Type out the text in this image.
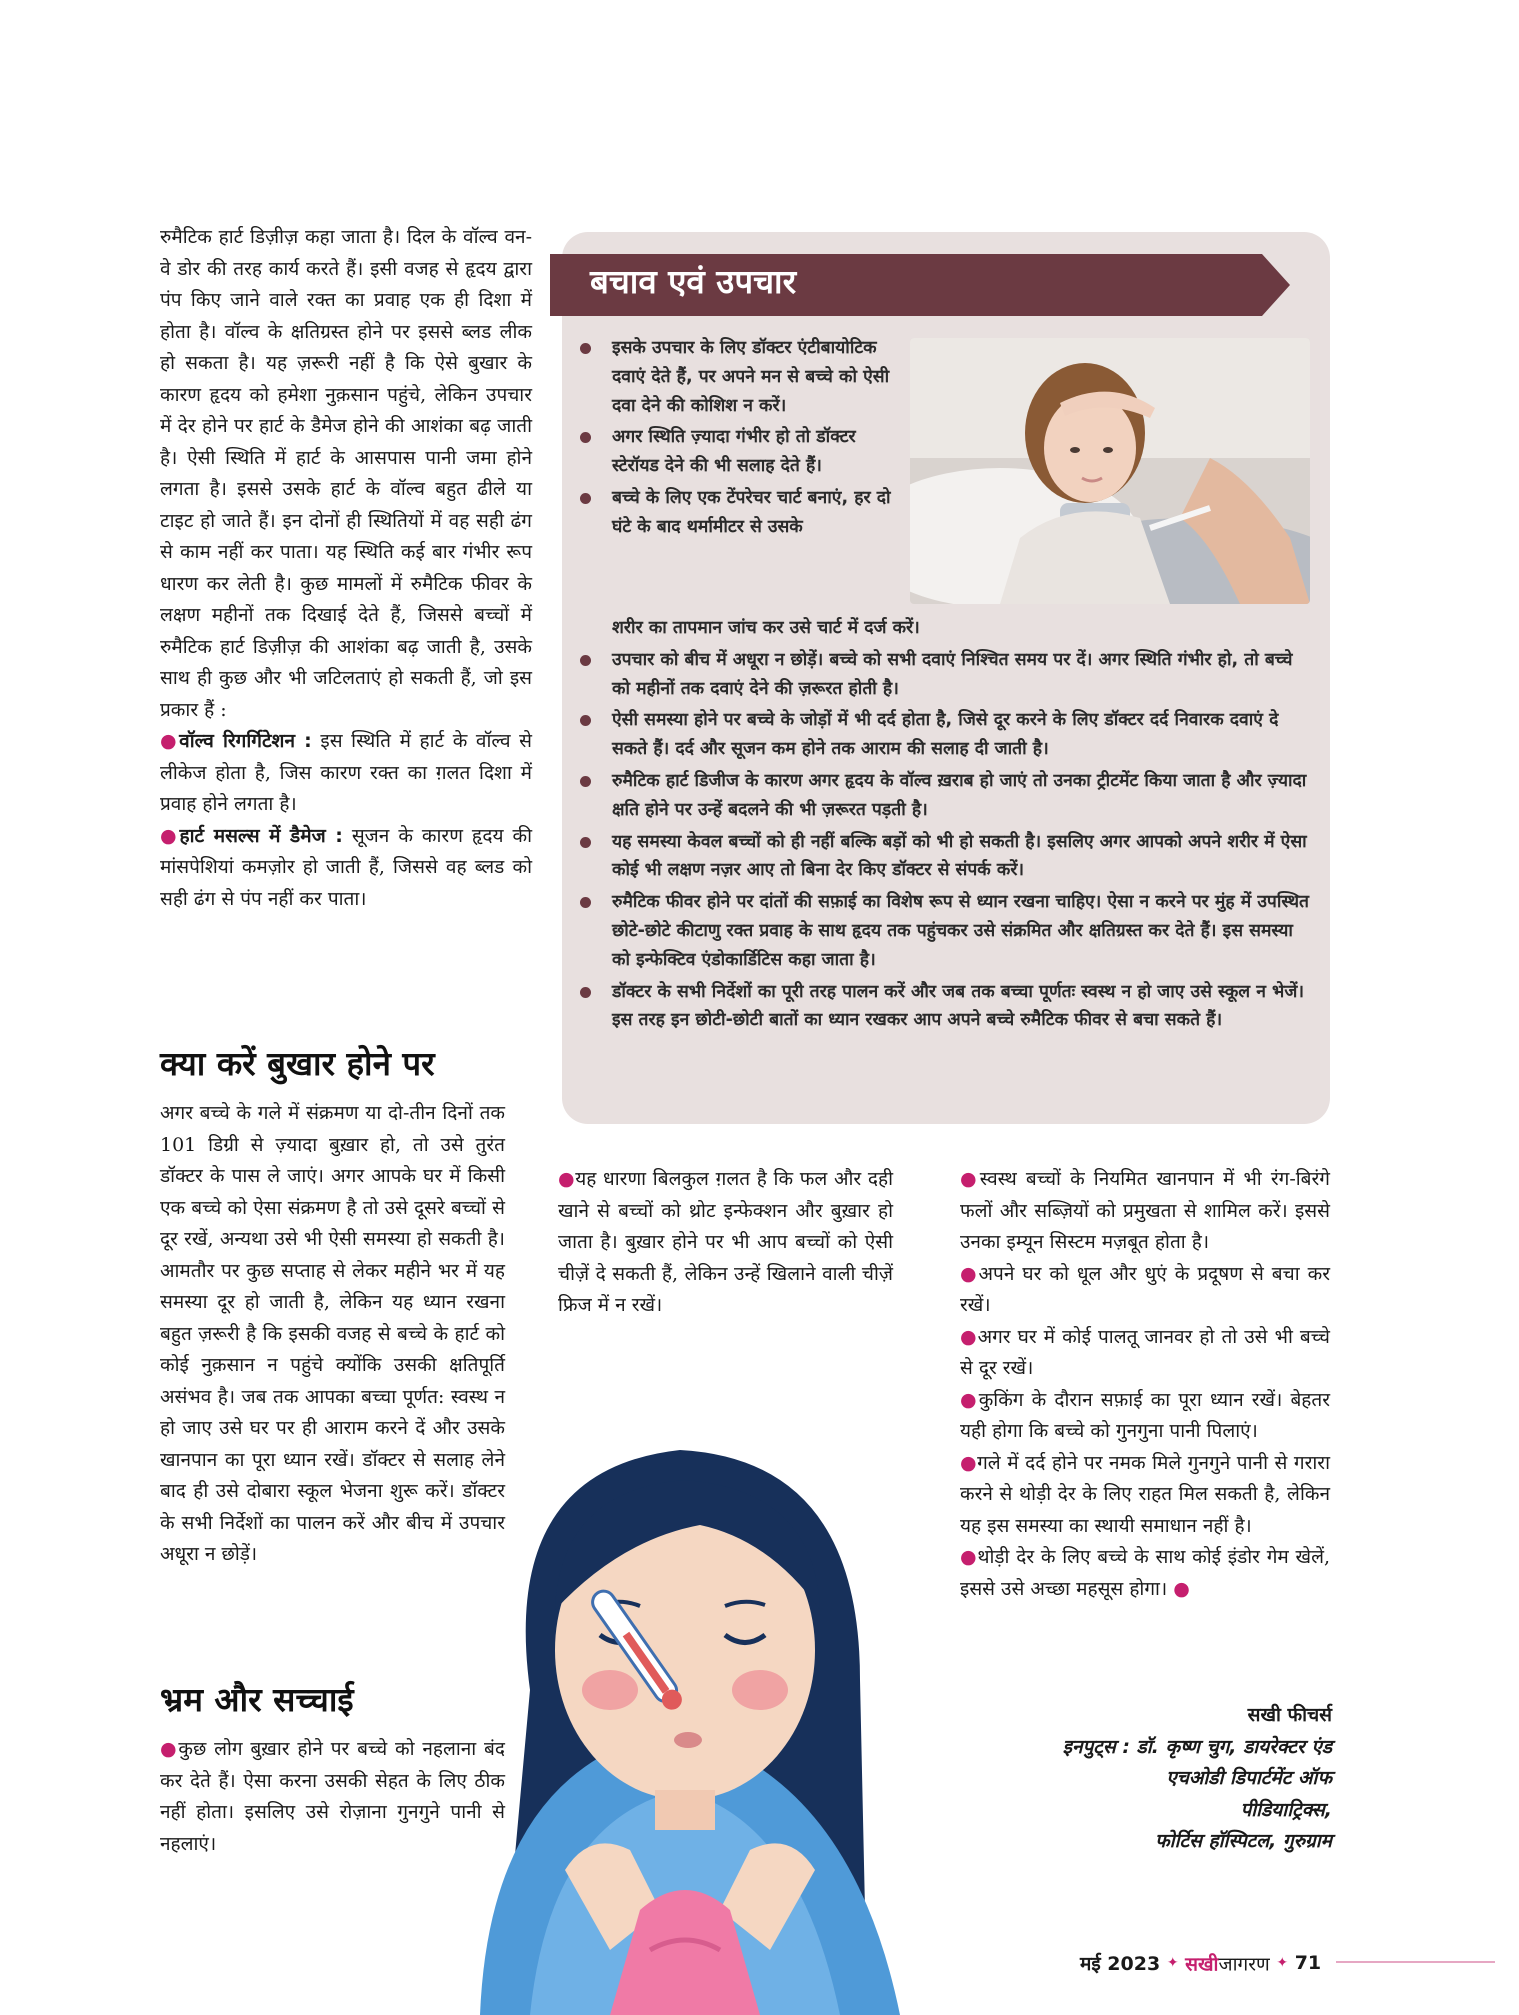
रुमैटिक हार्ट डिज़ीज़ कहा जाता है। दिल के वॉल्व वन-वे डोर की तरह कार्य करते हैं। इसी वजह से हृदय द्वारा पंप किए जाने वाले रक्त का प्रवाह एक ही दिशा में होता है। वॉल्व के क्षतिग्रस्त होने पर इससे ब्लड लीक हो सकता है। यह ज़रूरी नहीं है कि ऐसे बुखार के कारण हृदय को हमेशा नुक़सान पहुंचे, लेकिन उपचार में देर होने पर हार्ट के डैमेज होने की आशंका बढ़ जाती है। ऐसी स्थिति में हार्ट के आसपास पानी जमा होने लगता है। इससे उसके हार्ट के वॉल्व बहुत ढीले या टाइट हो जाते हैं। इन दोनों ही स्थितियों में वह सही ढंग से काम नहीं कर पाता। यह स्थिति कई बार गंभीर रूप धारण कर लेती है। कुछ मामलों में रुमैटिक फीवर के लक्षण महीनों तक दिखाई देते हैं, जिससे बच्चों में रुमैटिक हार्ट डिज़ीज़ की आशंका बढ़ जाती है, उसके साथ ही कुछ और भी जटिलताएं हो सकती हैं, जो इस प्रकार हैं :

●वॉल्व रिगर्गिटेशन : इस स्थिति में हार्ट के वॉल्व से लीकेज होता है, जिस कारण रक्त का ग़लत दिशा में प्रवाह होने लगता है।

●हार्ट मसल्स में डैमेज : सूजन के कारण हृदय की मांसपेशियां कमज़ोर हो जाती हैं, जिससे वह ब्लड को सही ढंग से पंप नहीं कर पाता।

क्या करें बुखार होने पर

अगर बच्चे के गले में संक्रमण या दो-तीन दिनों तक 101 डिग्री से ज़्यादा बुख़ार हो, तो उसे तुरंत डॉक्टर के पास ले जाएं। अगर आपके घर में किसी एक बच्चे को ऐसा संक्रमण है तो उसे दूसरे बच्चों से दूर रखें, अन्यथा उसे भी ऐसी समस्या हो सकती है। आमतौर पर कुछ सप्ताह से लेकर महीने भर में यह समस्या दूर हो जाती है, लेकिन यह ध्यान रखना बहुत ज़रूरी है कि इसकी वजह से बच्चे के हार्ट को कोई नुक़सान न पहुंचे क्योंकि उसकी क्षतिपूर्ति असंभव है। जब तक आपका बच्चा पूर्णत: स्वस्थ न हो जाए उसे घर पर ही आराम करने दें और उसके खानपान का पूरा ध्यान रखें। डॉक्टर से सलाह लेने बाद ही उसे दोबारा स्कूल भेजना शुरू करें। डॉक्टर के सभी निर्देशों का पालन करें और बीच में उपचार अधूरा न छोड़ें।

भ्रम और सच्चाई

●कुछ लोग बुख़ार होने पर बच्चे को नहलाना बंद कर देते हैं। ऐसा करना उसकी सेहत के लिए ठीक नहीं होता। इसलिए उसे रोज़ाना गुनगुने पानी से नहलाएं।

●यह धारणा बिलकुल ग़लत है कि फल और दही खाने से बच्चों को थ्रोट इन्फेक्शन और बुख़ार हो जाता है। बुख़ार होने पर भी आप बच्चों को ऐसी चीज़ें दे सकती हैं, लेकिन उन्हें खिलाने वाली चीज़ें फ्रिज में न रखें।

●स्वस्थ बच्चों के नियमित खानपान में भी रंग-बिरंगे फलों और सब्ज़ियों को प्रमुखता से शामिल करें। इससे उनका इम्यून सिस्टम मज़बूत होता है।

●अपने घर को धूल और धुएं के प्रदूषण से बचा कर रखें।

●अगर घर में कोई पालतू जानवर हो तो उसे भी बच्चे से दूर रखें।

●कुकिंग के दौरान सफ़ाई का पूरा ध्यान रखें। बेहतर यही होगा कि बच्चे को गुनगुना पानी पिलाएं।

●गले में दर्द होने पर नमक मिले गुनगुने पानी से गरारा करने से थोड़ी देर के लिए राहत मिल सकती है, लेकिन यह इस समस्या का स्थायी समाधान नहीं है।

●थोड़ी देर के लिए बच्चे के साथ कोई इंडोर गेम खेलें, इससे उसे अच्छा महसूस होगा। ●

सखी फीचर्स
इनपुट्स : डॉ. कृष्ण चुग, डायरेक्टर एंड
एचओडी डिपार्टमेंट ऑफ
पीडियाट्रिक्स,
फोर्टिस हॉस्पिटल, गुरुग्राम
बचाव एवं उपचार
इसके उपचार के लिए डॉक्टर एंटीबायोटिक दवाएं देते हैं, पर अपने मन से बच्चे को ऐसी दवा देने की कोशिश न करें।
अगर स्थिति ज़्यादा गंभीर हो तो डॉक्टर स्टेरॉयड देने की भी सलाह देते हैं।
बच्चे के लिए एक टेंपरेचर चार्ट बनाएं, हर दो घंटे के बाद थर्मामीटर से उसके
शरीर का तापमान जांच कर उसे चार्ट में दर्ज करें।
उपचार को बीच में अधूरा न छोड़ें। बच्चे को सभी दवाएं निश्चित समय पर दें। अगर स्थिति गंभीर हो, तो बच्चे को महीनों तक दवाएं देने की ज़रूरत होती है।
ऐसी समस्या होने पर बच्चे के जोड़ों में भी दर्द होता है, जिसे दूर करने के लिए डॉक्टर दर्द निवारक दवाएं दे सकते हैं। दर्द और सूजन कम होने तक आराम की सलाह दी जाती है।
रुमैटिक हार्ट डिजीज के कारण अगर हृदय के वॉल्व ख़राब हो जाएं तो उनका ट्रीटमेंट किया जाता है और ज़्यादा क्षति होने पर उन्हें बदलने की भी ज़रूरत पड़ती है।
यह समस्या केवल बच्चों को ही नहीं बल्कि बड़ों को भी हो सकती है। इसलिए अगर आपको अपने शरीर में ऐसा कोई भी लक्षण नज़र आए तो बिना देर किए डॉक्टर से संपर्क करें।
रुमैटिक फीवर होने पर दांतों की सफ़ाई का विशेष रूप से ध्यान रखना चाहिए। ऐसा न करने पर मुंह में उपस्थित छोटे-छोटे कीटाणु रक्त प्रवाह के साथ हृदय तक पहुंचकर उसे संक्रमित और क्षतिग्रस्त कर देते हैं। इस समस्या को इन्फेक्टिव एंडोकार्डिटिस कहा जाता है।
डॉक्टर के सभी निर्देशों का पूरी तरह पालन करें और जब तक बच्चा पूर्णतः स्वस्थ न हो जाए उसे स्कूल न भेजें। इस तरह इन छोटी-छोटी बातों का ध्यान रखकर आप अपने बच्चे रुमैटिक फीवर से बचा सकते हैं।
मई 2023 ✦ सखीजागरण ✦ 71
